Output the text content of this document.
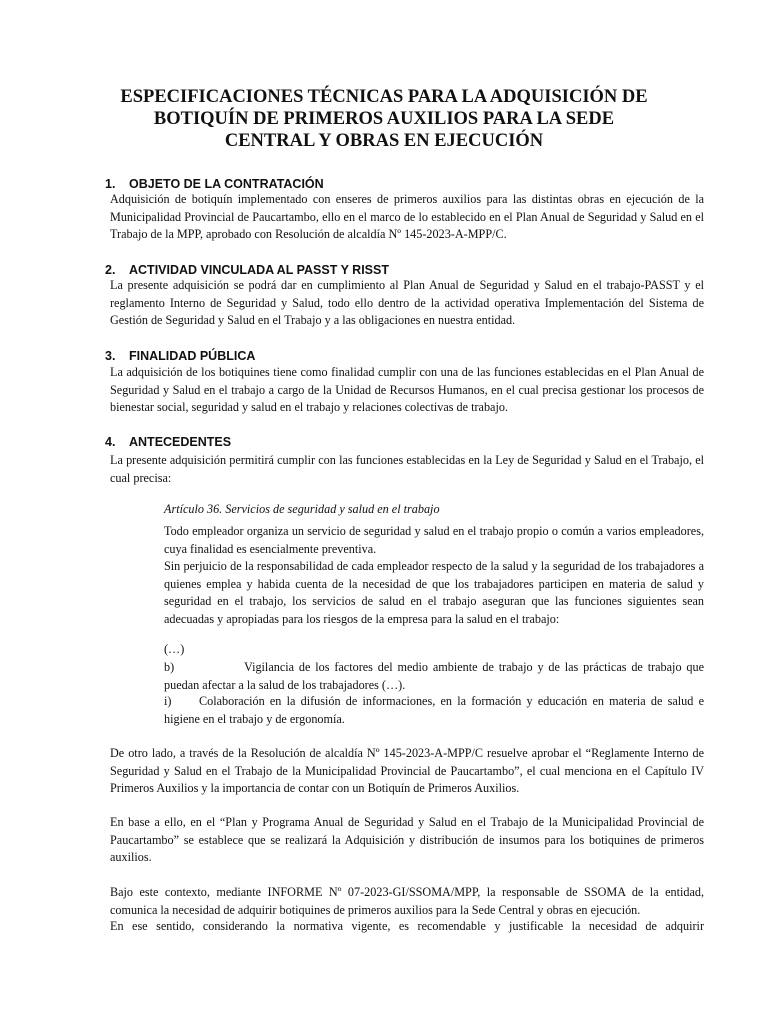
ESPECIFICACIONES TÉCNICAS PARA LA ADQUISICIÓN DE BOTIQUÍN DE PRIMEROS AUXILIOS PARA LA SEDE CENTRAL Y OBRAS EN EJECUCIÓN
1. OBJETO DE LA CONTRATACIÓN

Adquisición de botiquín implementado con enseres de primeros auxilios para las distintas obras en ejecución de la Municipalidad Provincial de Paucartambo, ello en el marco de lo establecido en el Plan Anual de Seguridad y Salud en el Trabajo de la MPP, aprobado con Resolución de alcaldía Nº 145-2023-A-MPP/C.

2. ACTIVIDAD VINCULADA AL PASST Y RISST

La presente adquisición se podrá dar en cumplimiento al Plan Anual de Seguridad y Salud en el trabajo-PASST y el reglamento Interno de Seguridad y Salud, todo ello dentro de la actividad operativa Implementación del Sistema de Gestión de Seguridad y Salud en el Trabajo y a las obligaciones en nuestra entidad.

3. FINALIDAD PÚBLICA

La adquisición de los botiquines tiene como finalidad cumplir con una de las funciones establecidas en el Plan Anual de Seguridad y Salud en el trabajo a cargo de la Unidad de Recursos Humanos, en el cual precisa gestionar los procesos de bienestar social, seguridad y salud en el trabajo y relaciones colectivas de trabajo.

4. ANTECEDENTES

La presente adquisición permitirá cumplir con las funciones establecidas en la Ley de Seguridad y Salud en el Trabajo, el cual precisa:

Artículo 36. Servicios de seguridad y salud en el trabajo

Todo empleador organiza un servicio de seguridad y salud en el trabajo propio o común a varios empleadores, cuya finalidad es esencialmente preventiva.

Sin perjuicio de la responsabilidad de cada empleador respecto de la salud y la seguridad de los trabajadores a quienes emplea y habida cuenta de la necesidad de que los trabajadores participen en materia de salud y seguridad en el trabajo, los servicios de salud en el trabajo aseguran que las funciones siguientes sean adecuadas y apropiadas para los riesgos de la empresa para la salud en el trabajo:

(…)

b)	Vigilancia de los factores del medio ambiente de trabajo y de las prácticas de trabajo que puedan afectar a la salud de los trabajadores (…).

i) Colaboración en la difusión de informaciones, en la formación y educación en materia de salud e higiene en el trabajo y de ergonomía.

De otro lado, a través de la Resolución de alcaldía Nº 145-2023-A-MPP/C resuelve aprobar el “Reglamente Interno de Seguridad y Salud en el Trabajo de la Municipalidad Provincial de Paucartambo”, el cual menciona en el Capítulo IV Primeros Auxilios y la importancia de contar con un Botiquín de Primeros Auxilios.

En base a ello, en el “Plan y Programa Anual de Seguridad y Salud en el Trabajo de la Municipalidad Provincial de Paucartambo” se establece que se realizará la Adquisición y distribución de insumos para los botiquines de primeros auxilios.

Bajo este contexto, mediante INFORME Nº 07-2023-GI/SSOMA/MPP, la responsable de SSOMA de la entidad, comunica la necesidad de adquirir botiquines de primeros auxilios para la Sede Central y obras en ejecución.

En ese sentido, considerando la normativa vigente, es recomendable y justificable la necesidad de adquirir
